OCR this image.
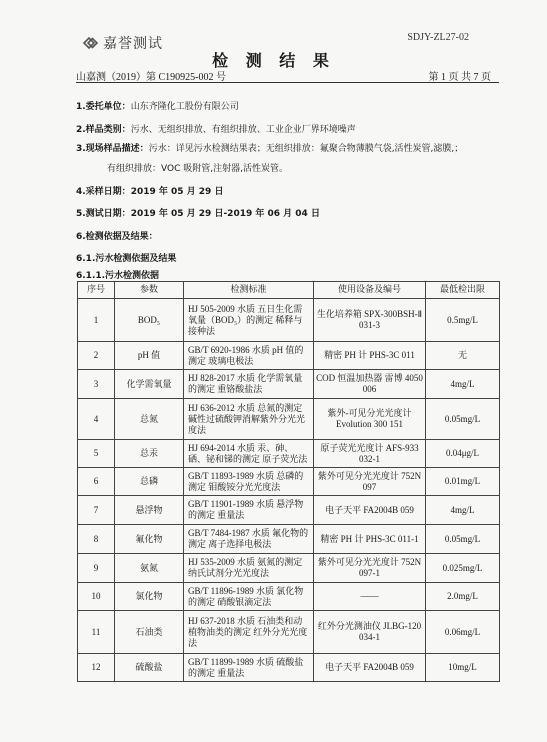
嘉誉测试	SDJY-ZL27-02
检 测 结 果
山嘉测（2019）第 C190925-002 号	第 1 页 共 7 页
1.委托单位：山东齐隆化工股份有限公司
2.样品类别：污水、无组织排放、有组织排放、工业企业厂界环境噪声
3.现场样品描述：污水：详见污水检测结果表；无组织排放：氟聚合物薄膜气袋,活性炭管,滤膜,；
有组织排放：VOC 吸附管,注射器,活性炭管。
4.采样日期：2019 年 05 月 29 日
5.测试日期：2019 年 05 月 29 日-2019 年 06 月 04 日
6.检测依据及结果：
6.1.污水检测依据及结果
6.1.1.污水检测依据
序号	参数	检测标准	使用设备及编号	最低检出限
1	BOD₅	HJ 505-2009 水质 五日生化需氧量（BOD₅）的测定 稀释与接种法	生化培养箱 SPX-300BSH-Ⅱ 031-3	0.5mg/L
2	pH 值	GB/T 6920-1986 水质 pH 值的测定 玻璃电极法	精密 PH 计 PHS-3C 011	无
3	化学需氧量	HJ 828-2017 水质 化学需氧量的测定 重铬酸盐法	COD 恒温加热器 雷博 4050 006	4mg/L
4	总氮	HJ 636-2012 水质 总氮的测定 碱性过硫酸钾消解紫外分光光度法	紫外-可见分光光度计 Evolution 300 151	0.05mg/L
5	总汞	HJ 694-2014 水质 汞、砷、硒、铋和锑的测定 原子荧光法	原子荧光光度计 AFS-933 032-1	0.04μg/L
6	总磷	GB/T 11893-1989 水质 总磷的测定 钼酸铵分光光度法	紫外可见分光光度计 752N 097	0.01mg/L
7	悬浮物	GB/T 11901-1989 水质 悬浮物的测定 重量法	电子天平 FA2004B 059	4mg/L
8	氟化物	GB/T 7484-1987 水质 氟化物的测定 离子选择电极法	精密 PH 计 PHS-3C 011-1	0.05mg/L
9	氨氮	HJ 535-2009 水质 氨氮的测定 纳氏试剂分光光度法	紫外可见分光光度计 752N 097-1	0.025mg/L
10	氯化物	GB/T 11896-1989 水质 氯化物的测定 硝酸银滴定法	——	2.0mg/L
11	石油类	HJ 637-2018 水质 石油类和动植物油类的测定 红外分光光度法	红外分光测油仪 JLBG-120 034-1	0.06mg/L
12	硫酸盐	GB/T 11899-1989 水质 硫酸盐的测定 重量法	电子天平 FA2004B 059	10mg/L
